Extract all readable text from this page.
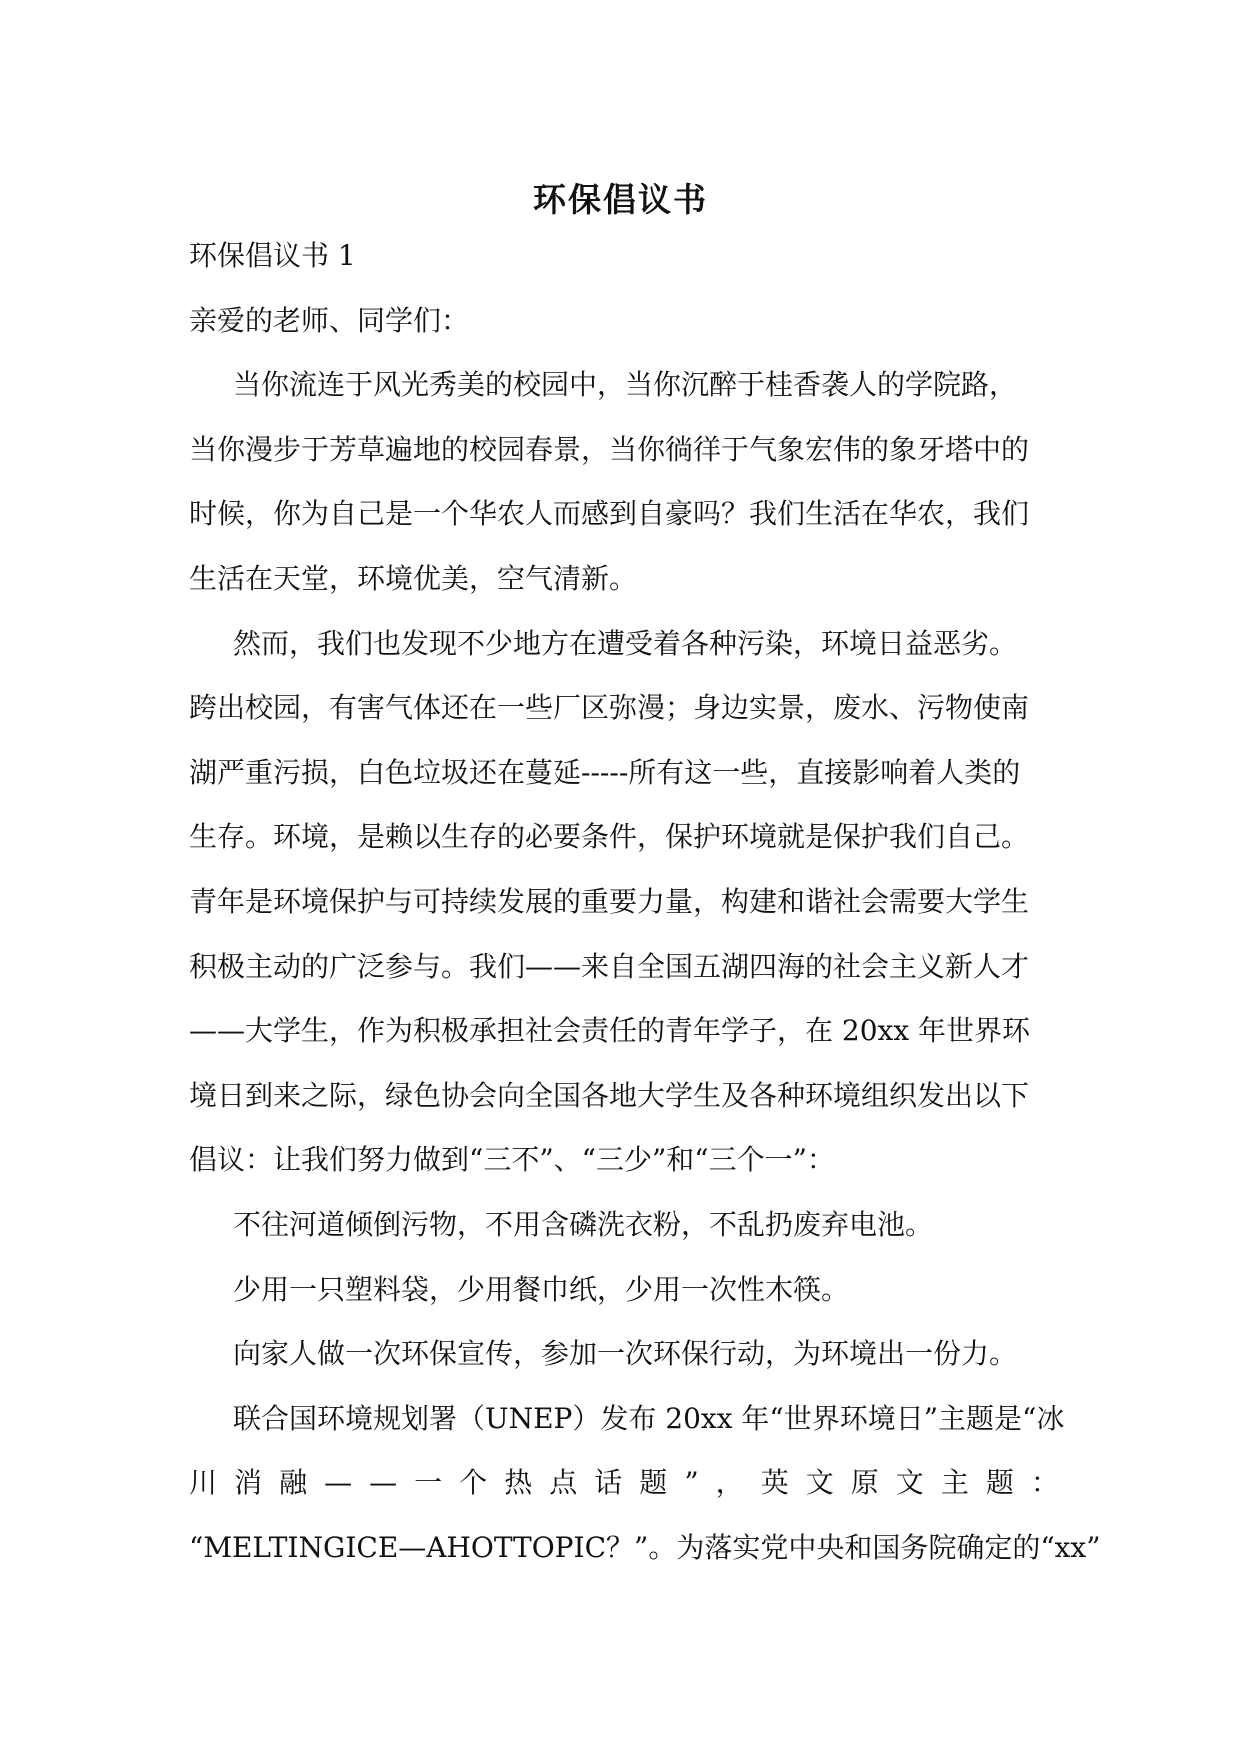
环保倡议书

环保倡议书 1

亲爱的老师、同学们：

当你流连于风光秀美的校园中，当你沉醉于桂香袭人的学院路，

当你漫步于芳草遍地的校园春景，当你徜徉于气象宏伟的象牙塔中的

时候，你为自己是一个华农人而感到自豪吗？我们生活在华农，我们

生活在天堂，环境优美，空气清新。

然而，我们也发现不少地方在遭受着各种污染，环境日益恶劣。

跨出校园，有害气体还在一些厂区弥漫；身边实景，废水、污物使南

湖严重污损，白色垃圾还在蔓延-----所有这一些，直接影响着人类的

生存。环境，是赖以生存的必要条件，保护环境就是保护我们自己。

青年是环境保护与可持续发展的重要力量，构建和谐社会需要大学生

积极主动的广泛参与。我们——来自全国五湖四海的社会主义新人才

——大学生，作为积极承担社会责任的青年学子，在 20xx 年世界环

境日到来之际，绿色协会向全国各地大学生及各种环境组织发出以下

倡议：让我们努力做到“三不”、“三少”和“三个一”：

不往河道倾倒污物，不用含磷洗衣粉，不乱扔废弃电池。

少用一只塑料袋，少用餐巾纸，少用一次性木筷。

向家人做一次环保宣传，参加一次环保行动，为环境出一份力。

联合国环境规划署（UNEP）发布 20xx 年“世界环境日”主题是“冰

川 消 融 — — 一 个 热 点 话 题 ” ， 英 文 原 文 主 题 ：

“MELTINGICE—AHOTTOPIC？”。为落实党中央和国务院确定的“xx”
